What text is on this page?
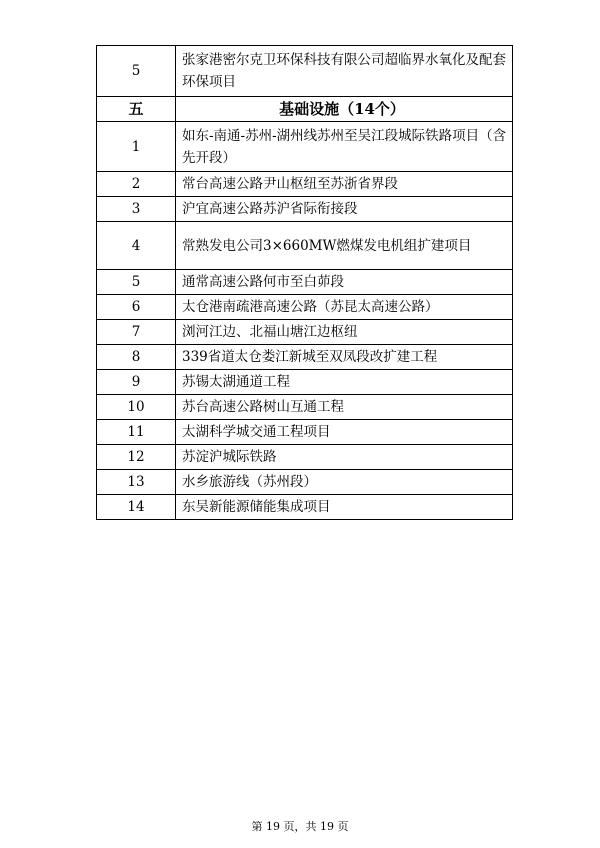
5	张家港密尔克卫环保科技有限公司超临界水氧化及配套环保项目
五	基础设施（14个）
1	如东-南通-苏州-湖州线苏州至吴江段城际铁路项目（含先开段）
2	常台高速公路尹山枢纽至苏浙省界段
3	沪宜高速公路苏沪省际衔接段
4	常熟发电公司3×660MW燃煤发电机组扩建项目
5	通常高速公路何市至白茆段
6	太仓港南疏港高速公路（苏昆太高速公路）
7	浏河江边、北福山塘江边枢纽
8	339省道太仓娄江新城至双凤段改扩建工程
9	苏锡太湖通道工程
10	苏台高速公路树山互通工程
11	太湖科学城交通工程项目
12	苏淀沪城际铁路
13	水乡旅游线（苏州段）
14	东吴新能源储能集成项目
第 19 页，共 19 页
